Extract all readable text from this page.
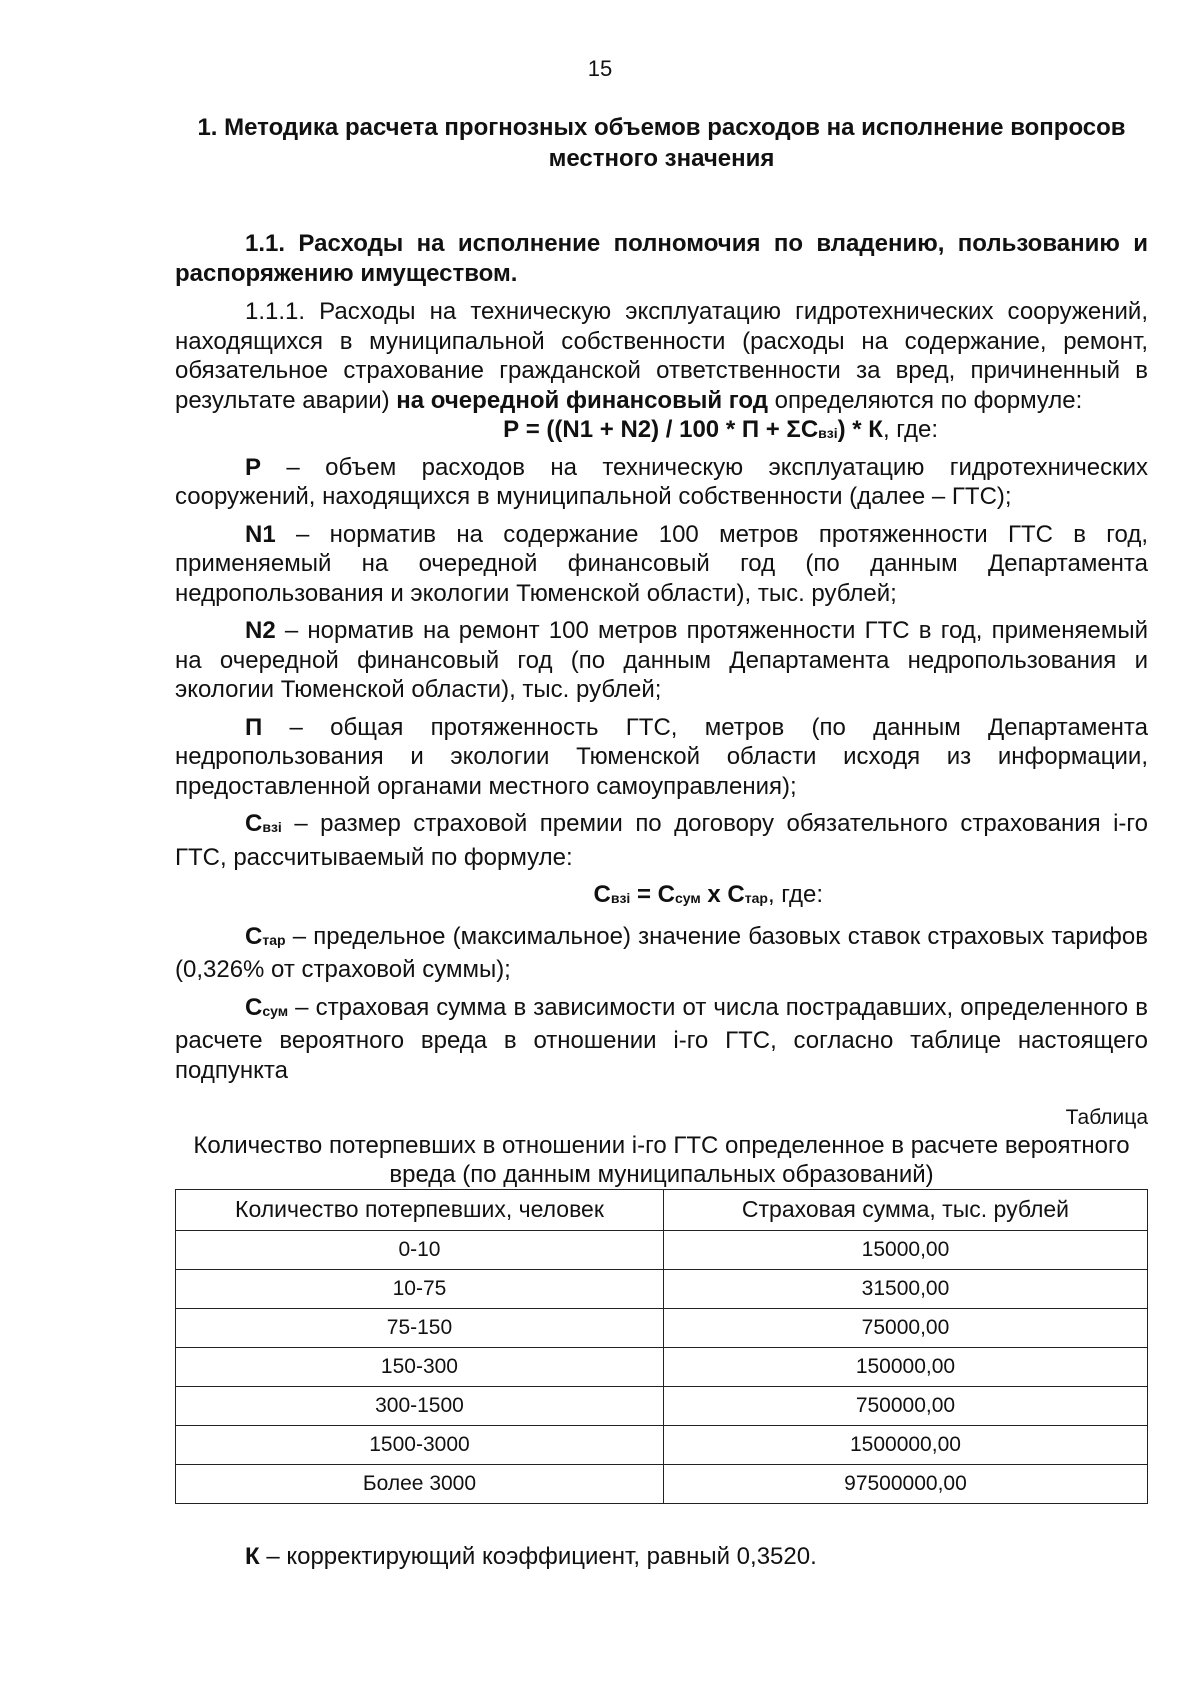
15
1. Методика расчета прогнозных объемов расходов на исполнение вопросов местного значения

1.1. Расходы на исполнение полномочия по владению, пользованию и распоряжению имуществом.

1.1.1. Расходы на техническую эксплуатацию гидротехнических сооружений, находящихся в муниципальной собственности (расходы на содержание, ремонт, обязательное страхование гражданской ответственности за вред, причиненный в результате аварии) на очередной финансовый год определяются по формуле:

$Р = ((N1 + N2) / 100 * П + \Sigma С_{взi}) * К$, где:

Р – объем расходов на техническую эксплуатацию гидротехнических сооружений, находящихся в муниципальной собственности (далее – ГТС);

N1 – норматив на содержание 100 метров протяженности ГТС в год, применяемый на очередной финансовый год (по данным Департамента недропользования и экологии Тюменской области), тыс. рублей;

N2 – норматив на ремонт 100 метров протяженности ГТС в год, применяемый на очередной финансовый год (по данным Департамента недропользования и экологии Тюменской области), тыс. рублей;

П – общая протяженность ГТС, метров (по данным Департамента недропользования и экологии Тюменской области исходя из информации, предоставленной органами местного самоуправления);

$С_{взi}$ – размер страховой премии по договору обязательного страхования i-го ГТС, рассчитываемый по формуле:

$С_{взi} = С_{сум}$ х $С_{тар}$, где:

$С_{тар}$ – предельное (максимальное) значение базовых ставок страховых тарифов (0,326% от страховой суммы);

$С_{сум}$ – страховая сумма в зависимости от числа пострадавших, определенного в расчете вероятного вреда в отношении i-го ГТС, согласно таблице настоящего подпункта

Таблица
Количество потерпевших в отношении i-го ГТС определенное в расчете вероятного вреда (по данным муниципальных образований)
Количество потерпевших, человек	Страховая сумма, тыс. рублей
0-10	15000,00
10-75	31500,00
75-150	75000,00
150-300	150000,00
300-1500	750000,00
1500-3000	1500000,00
Более 3000	97500000,00

К – корректирующий коэффициент, равный 0,3520.
